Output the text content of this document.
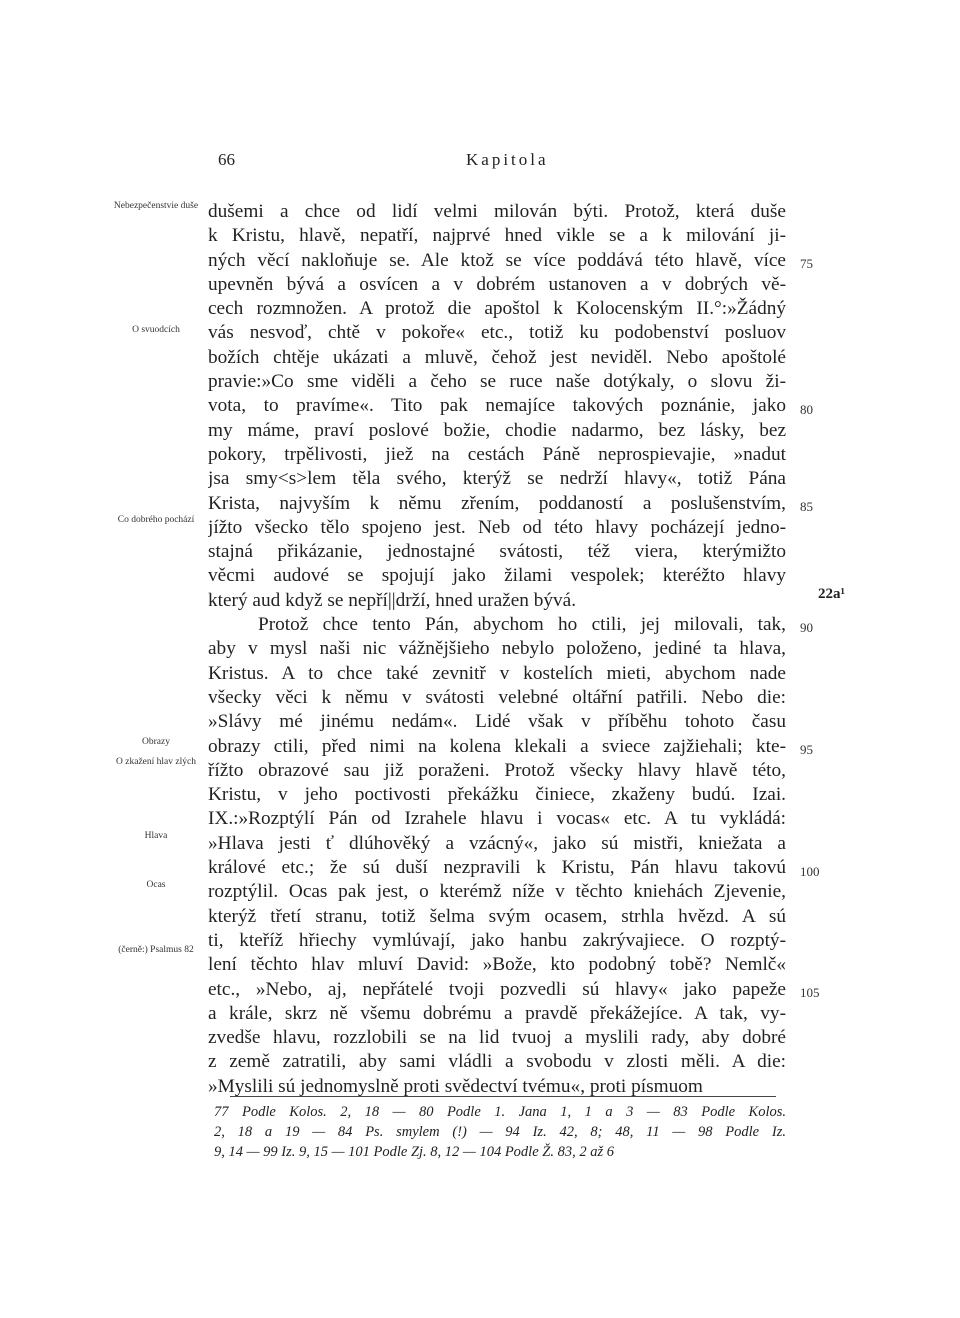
66	Kapitola
Nebezpečenstvie duše
O svuodcích
Co dobrého pochází
Obrazy
O zkažení hlav zlých
Hlava
Ocas
(černě:) Psalmus 82
dušemi a chce od lidí velmi milován býti. Protož, která duše
k Kristu, hlavě, nepatří, najprvé hned vikle se a k milování ji-
ných věcí nakloňuje se. Ale ktož se více poddává této hlavě, více
upevněn bývá a osvícen a v dobrém ustanoven a v dobrých vě-
cech rozmnožen. A protož die apoštol k Kolocenským II.°:»Žádný
vás nesvoď, chtě v pokoře« etc., totiž ku podobenství posluov
božích chtěje ukázati a mluvě, čehož jest neviděl. Nebo apoštolé
pravie:»Co sme viděli a čeho se ruce naše dotýkaly, o slovu ži-
vota, to pravíme«. Tito pak nemajíce takových poznánie, jako
my máme, praví poslové božie, chodie nadarmo, bez lásky, bez
pokory, trpělivosti, jiež na cestách Páně neprospievajie, »nadut
jsa smy<s>lem těla svého, kterýž se nedrží hlavy«, totiž Pána
Krista, najvyším k němu zřením, poddaností a poslušenstvím,
jížto všecko tělo spojeno jest. Neb od této hlavy pocházejí jedno-
stajná přikázanie, jednostajné svátosti, též viera, kterýmižto
věcmi audové se spojují jako žilami vespolek; kteréžto hlavy
který aud když se nepří||drží, hned uražen bývá.
Protož chce tento Pán, abychom ho ctili, jej milovali, tak,
aby v mysl naši nic vážnějšieho nebylo položeno, jediné ta hlava,
Kristus. A to chce také zevnitř v kostelích mieti, abychom nade
všecky věci k němu v svátosti velebné oltářní patřili. Nebo die:
»Slávy mé jinému nedám«. Lidé však v příběhu tohoto času
obrazy ctili, před nimi na kolena klekali a sviece zajžiehali; kte-
řížto obrazové sau již poraženi. Protož všecky hlavy hlavě této,
Kristu, v jeho poctivosti překážku činiece, zkaženy budú. Izai.
IX.:»Rozptýlí Pán od Izrahele hlavu i vocas« etc. A tu vykládá:
»Hlava jesti ť dlúhověký a vzácný«, jako sú mistři, kniežata a
králové etc.; že sú duší nezpravili k Kristu, Pán hlavu takovú
rozptýlil. Ocas pak jest, o kterémž níže v těchto kniehách Zjevenie,
kterýž třetí stranu, totiž šelma svým ocasem, strhla hvězd. A sú
ti, kteříž hřiechy vymlúvají, jako hanbu zakrývajiece. O rozptý-
lení těchto hlav mluví David: »Bože, kto podobný tobě? Nemlč«
etc., »Nebo, aj, nepřátelé tvoji pozvedli sú hlavy« jako papeže
a krále, skrz ně všemu dobrému a pravdě překážejíce. A tak, vy-
zvedše hlavu, rozzlobili se na lid tvuoj a myslili rady, aby dobré
z země zatratili, aby sami vládli a svobodu v zlosti měli. A die:
»Myslili sú jednomyslně proti svědectví tvému«, proti písmuom
75
80
85
90
95
100
105
22a¹
77 Podle Kolos. 2, 18 — 80 Podle 1. Jana 1, 1 a 3 — 83 Podle Kolos.
2, 18 a 19 — 84 Ps. smylem (!) — 94 Iz. 42, 8; 48, 11 — 98 Podle Iz.
9, 14 — 99 Iz. 9, 15 — 101 Podle Zj. 8, 12 — 104 Podle Ž. 83, 2 až 6
